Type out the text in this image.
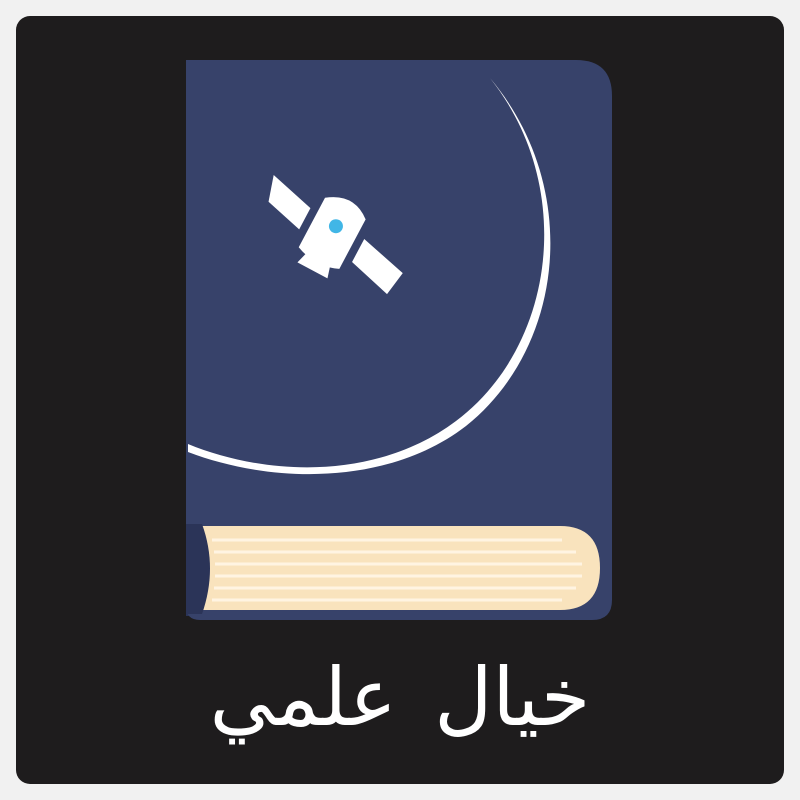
خيال علمي
